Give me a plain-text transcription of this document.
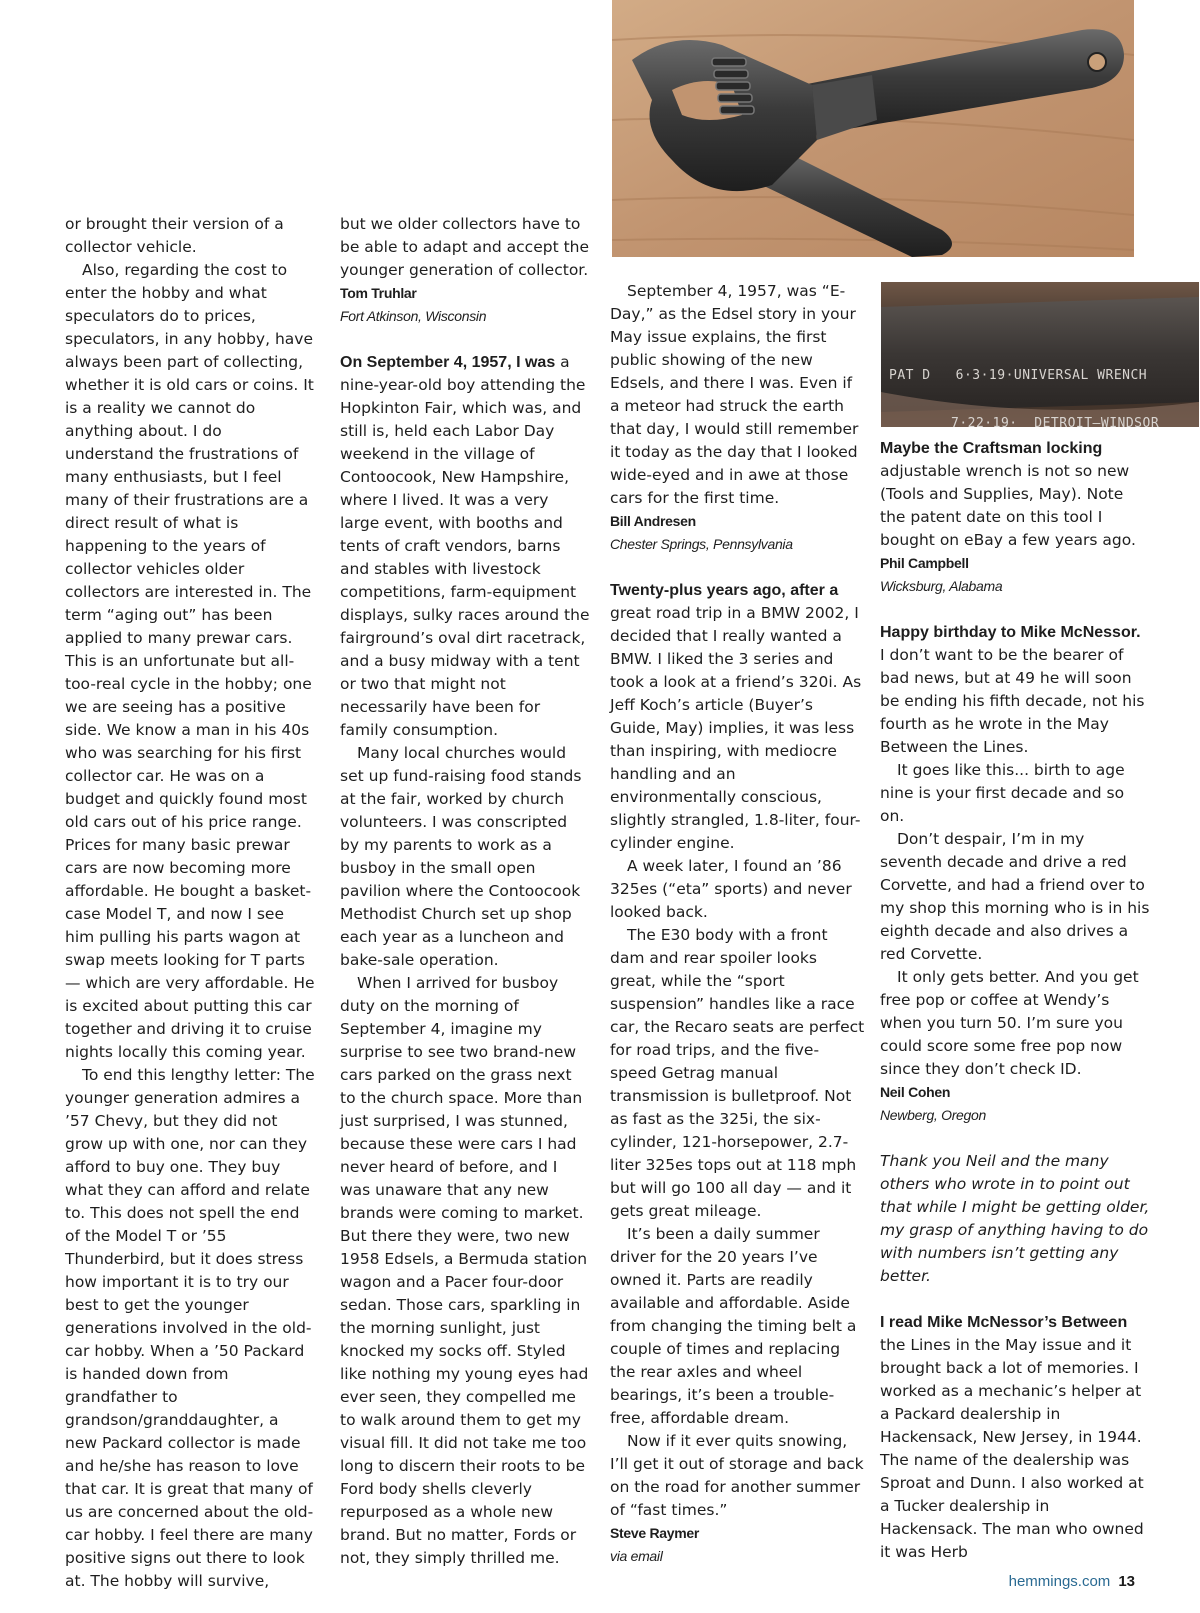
PAT D   6·3·19·UNIVERSAL WRENCH

7·22·19·  DETROIT—WINDSOR

or brought their version of a collector vehicle.

Also, regarding the cost to enter the hobby and what speculators do to prices, speculators, in any hobby, have always been part of collecting, whether it is old cars or coins. It is a reality we cannot do anything about. I do understand the frustrations of many enthusiasts, but I feel many of their frustrations are a direct result of what is happening to the years of collector vehicles older collectors are interested in. The term “aging out” has been applied to many prewar cars. This is an unfortunate but all-too-real cycle in the hobby; one we are seeing has a positive side. We know a man in his 40s who was searching for his first collector car. He was on a budget and quickly found most old cars out of his price range. Prices for many basic prewar cars are now becoming more affordable. He bought a basket-case Model T, and now I see him pulling his parts wagon at swap meets looking for T parts — which are very affordable. He is excited about putting this car together and driving it to cruise nights locally this coming year.

To end this lengthy letter: The younger generation admires a ’57 Chevy, but they did not grow up with one, nor can they afford to buy one. They buy what they can afford and relate to. This does not spell the end of the Model T or ’55 Thunderbird, but it does stress how important it is to try our best to get the younger generations involved in the old-car hobby. When a ’50 Packard is handed down from grandfather to grandson/granddaughter, a new Packard collector is made and he/she has reason to love that car. It is great that many of us are concerned about the old-car hobby. I feel there are many positive signs out there to look at. The hobby will survive,

but we older collectors have to be able to adapt and accept the younger generation of collector.

Tom Truhlar

Fort Atkinson, Wisconsin

On September 4, 1957, I was a nine-year-old boy attending the Hopkinton Fair, which was, and still is, held each Labor Day weekend in the village of Contoocook, New Hampshire, where I lived. It was a very large event, with booths and tents of craft vendors, barns and stables with livestock competitions, farm-equipment displays, sulky races around the fairground’s oval dirt racetrack, and a busy midway with a tent or two that might not necessarily have been for family consumption.

Many local churches would set up fund-raising food stands at the fair, worked by church volunteers. I was conscripted by my parents to work as a busboy in the small open pavilion where the Contoocook Methodist Church set up shop each year as a luncheon and bake-sale operation.

When I arrived for busboy duty on the morning of September 4, imagine my surprise to see two brand-new cars parked on the grass next to the church space. More than just surprised, I was stunned, because these were cars I had never heard of before, and I was unaware that any new brands were coming to market. But there they were, two new 1958 Edsels, a Bermuda station wagon and a Pacer four-door sedan. Those cars, sparkling in the morning sunlight, just knocked my socks off. Styled like nothing my young eyes had ever seen, they compelled me to walk around them to get my visual fill. It did not take me too long to discern their roots to be Ford body shells cleverly repurposed as a whole new brand. But no matter, Fords or not, they simply thrilled me.

September 4, 1957, was “E-Day,” as the Edsel story in your May issue explains, the first public showing of the new Edsels, and there I was. Even if a meteor had struck the earth that day, I would still remember it today as the day that I looked wide-eyed and in awe at those cars for the first time.

Bill Andresen

Chester Springs, Pennsylvania

Twenty-plus years ago, after a great road trip in a BMW 2002, I decided that I really wanted a BMW. I liked the 3 series and took a look at a friend’s 320i. As Jeff Koch’s article (Buyer’s Guide, May) implies, it was less than inspiring, with mediocre handling and an environmentally conscious, slightly strangled, 1.8-liter, four-cylinder engine.

A week later, I found an ’86 325es (“eta” sports) and never looked back.

The E30 body with a front dam and rear spoiler looks great, while the “sport suspension” handles like a race car, the Recaro seats are perfect for road trips, and the five-speed Getrag manual transmission is bulletproof. Not as fast as the 325i, the six-cylinder, 121-horsepower, 2.7-liter 325es tops out at 118 mph but will go 100 all day — and it gets great mileage.

It’s been a daily summer driver for the 20 years I’ve owned it. Parts are readily available and affordable. Aside from changing the timing belt a couple of times and replacing the rear axles and wheel bearings, it’s been a trouble-free, affordable dream.

Now if it ever quits snowing, I’ll get it out of storage and back on the road for another summer of “fast times.”

Steve Raymer

via email

Maybe the Craftsman locking adjustable wrench is not so new (Tools and Supplies, May). Note the patent date on this tool I bought on eBay a few years ago.

Phil Campbell

Wicksburg, Alabama

Happy birthday to Mike McNessor. I don’t want to be the bearer of bad news, but at 49 he will soon be ending his fifth decade, not his fourth as he wrote in the May Between the Lines.

It goes like this... birth to age nine is your first decade and so on.

Don’t despair, I’m in my seventh decade and drive a red Corvette, and had a friend over to my shop this morning who is in his eighth decade and also drives a red Corvette.

It only gets better. And you get free pop or coffee at Wendy’s when you turn 50. I’m sure you could score some free pop now since they don’t check ID.

Neil Cohen

Newberg, Oregon

Thank you Neil and the many others who wrote in to point out that while I might be getting older, my grasp of anything having to do with numbers isn’t getting any better.

I read Mike McNessor’s Between the Lines in the May issue and it brought back a lot of memories. I worked as a mechanic’s helper at a Packard dealership in Hackensack, New Jersey, in 1944. The name of the dealership was Sproat and Dunn. I also worked at a Tucker dealership in Hackensack. The man who owned it was Herb

hemmings.com 13
